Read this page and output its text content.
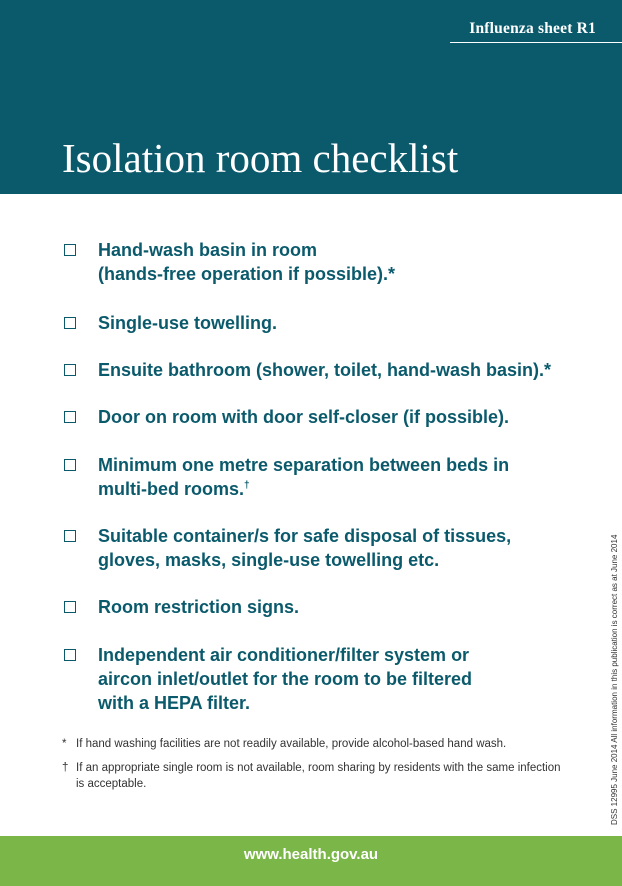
Influenza sheet R1
Isolation room checklist
Hand-wash basin in room
(hands-free operation if possible).*
Single-use towelling.
Ensuite bathroom (shower, toilet, hand-wash basin).*
Door on room with door self-closer (if possible).
Minimum one metre separation between beds in
multi-bed rooms.†
Suitable container/s for safe disposal of tissues,
gloves, masks, single-use towelling etc.
Room restriction signs.
Independent air conditioner/filter system or
aircon inlet/outlet for the room to be filtered
with a HEPA filter.
* If hand washing facilities are not readily available, provide alcohol-based hand wash.
† If an appropriate single room is not available, room sharing by residents with the same infection is acceptable.	DSS 12995 June 2014 All information in this publication is correct as at June 2014
www.health.gov.au
